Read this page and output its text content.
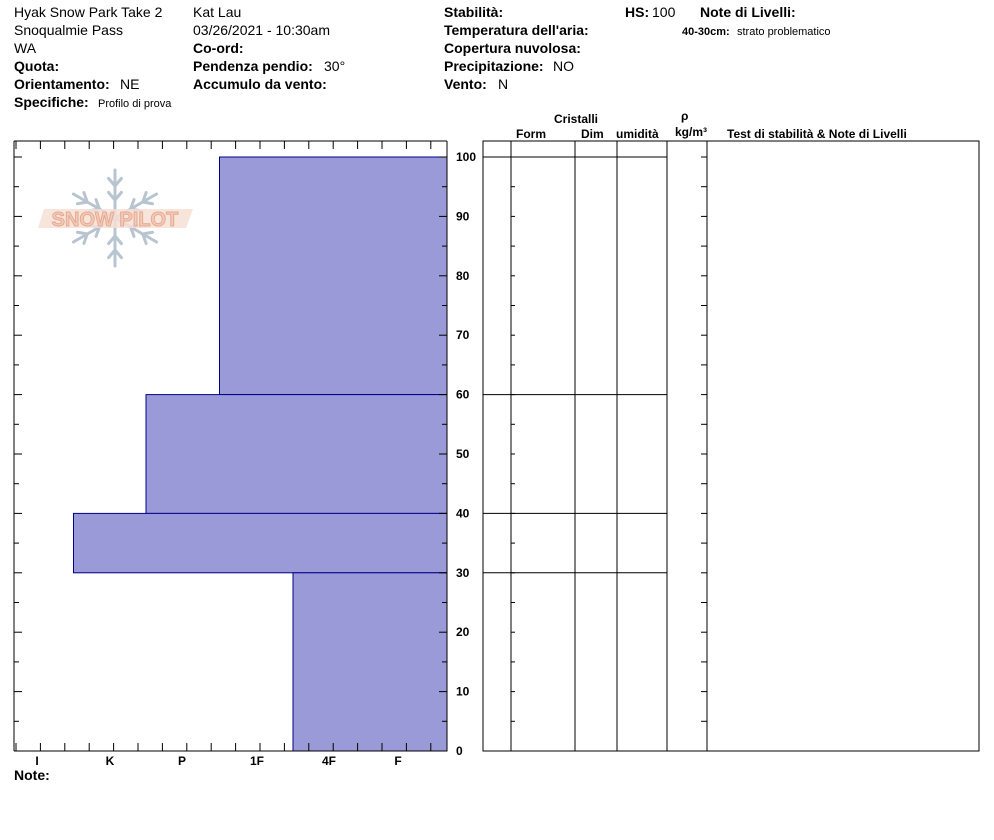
Hyak Snow Park Take 2
Snoqualmie Pass
WA
Quota:
Orientamento: NE
Specifiche: Profilo di prova
Kat Lau
03/26/2021 - 10:30am
Co-ord:
Pendenza pendio: 30°
Accumulo da vento:
Stabilità:
Temperatura dell'aria:
Copertura nuvolosa:
Precipitazione: NO
Vento: N
HS: 100 Note di Livelli:
40-30cm: strato problematico
Cristalli
Form	Dim umidità
ρ
kg/m³ Test di stabilità & Note di Livelli
Note:
SNOW PILOT
0
10
20
30
40
50
60
70
80
90
100
I	K	P	1F	4F	F
